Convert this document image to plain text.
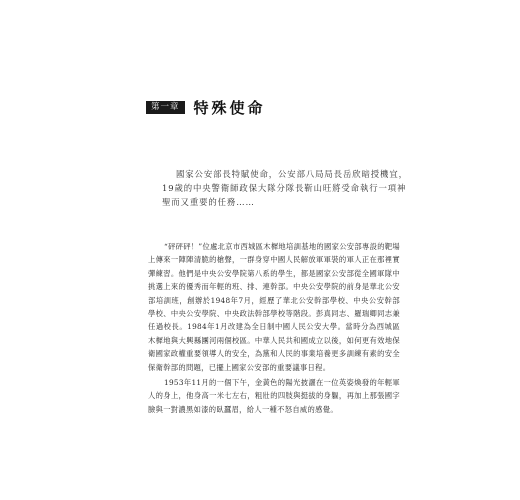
第一章 特殊使命

國家公安部長特賦使命，公安部八局局長岳欣暗授機宜，19歲的中央警衛師政保大隊分隊長靳山旺將受命執行一項神聖而又重要的任務……

“砰砰砰！”位處北京市西城區木樨地培訓基地的國家公安部專設的靶場上傳來一陣陣清脆的槍聲，一群身穿中國人民解放軍軍裝的軍人正在那裡實彈練習。他們是中央公安學院第八系的學生，都是國家公安部從全國軍隊中挑選上來的優秀而年輕的班、排、連幹部。中央公安學院的前身是華北公安部培訓班，創辦於1948年7月，經歷了華北公安幹部學校、中央公安幹部學校、中央公安學院、中央政法幹部學校等階段。彭真同志、羅瑞卿同志兼任過校長。1984年1月改建為全日制中國人民公安大學。當時分為西城區木樨地與大興縣團河兩個校區。中華人民共和國成立以後，如何更有效地保衛國家政權重要領導人的安全，為黨和人民的事業培養更多訓練有素的安全保衛幹部的問題，已擺上國家公安部的重要議事日程。

1953年11月的一個下午，金黃色的陽光披灑在一位英姿煥發的年輕軍人的身上，他身高一米七左右，粗壯的四肢與挺拔的身軀，再加上那張國字臉與一對濃黑如漆的臥蠶眉，給人一種不怒自威的感覺。
